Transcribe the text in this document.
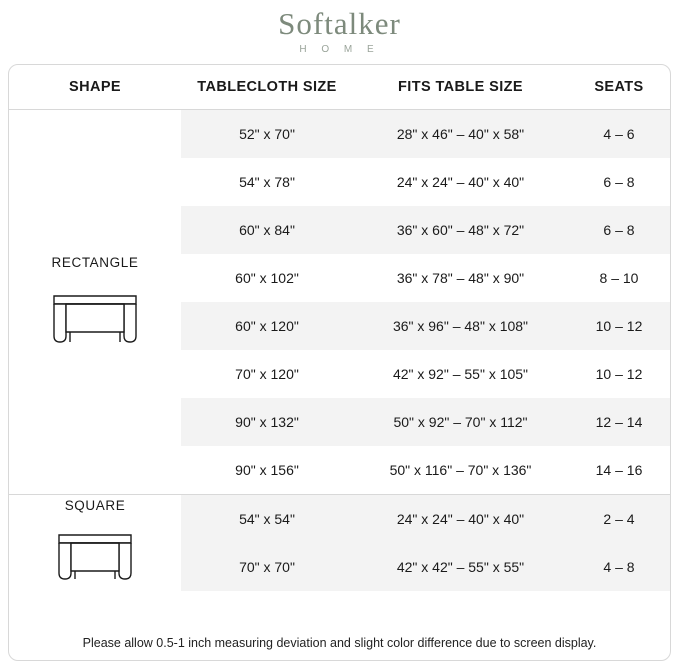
Softalker
H O M E
SHAPE	TABLECLOTH SIZE	FITS TABLE SIZE	SEATS
RECTANGLE
52" x 70"	28" x 46" – 40" x 58"	4 – 6
54" x 78"	24" x 24" – 40" x 40"	6 – 8
60" x 84"	36" x 60" – 48" x 72"	6 – 8
60" x 102"	36" x 78" – 48" x 90"	8 – 10
60" x 120"	36" x 96" – 48" x 108"	10 – 12
70" x 120"	42" x 92" – 55" x 105"	10 – 12
90" x 132"	50" x 92" – 70" x 112"	12 – 14
90" x 156"	50" x 116" – 70" x 136"	14 – 16
SQUARE
54" x 54"	24" x 24" – 40" x 40"	2 – 4
70" x 70"	42" x 42" – 55" x 55"	4 – 8
Please allow 0.5-1 inch measuring deviation and slight color difference due to screen display.
